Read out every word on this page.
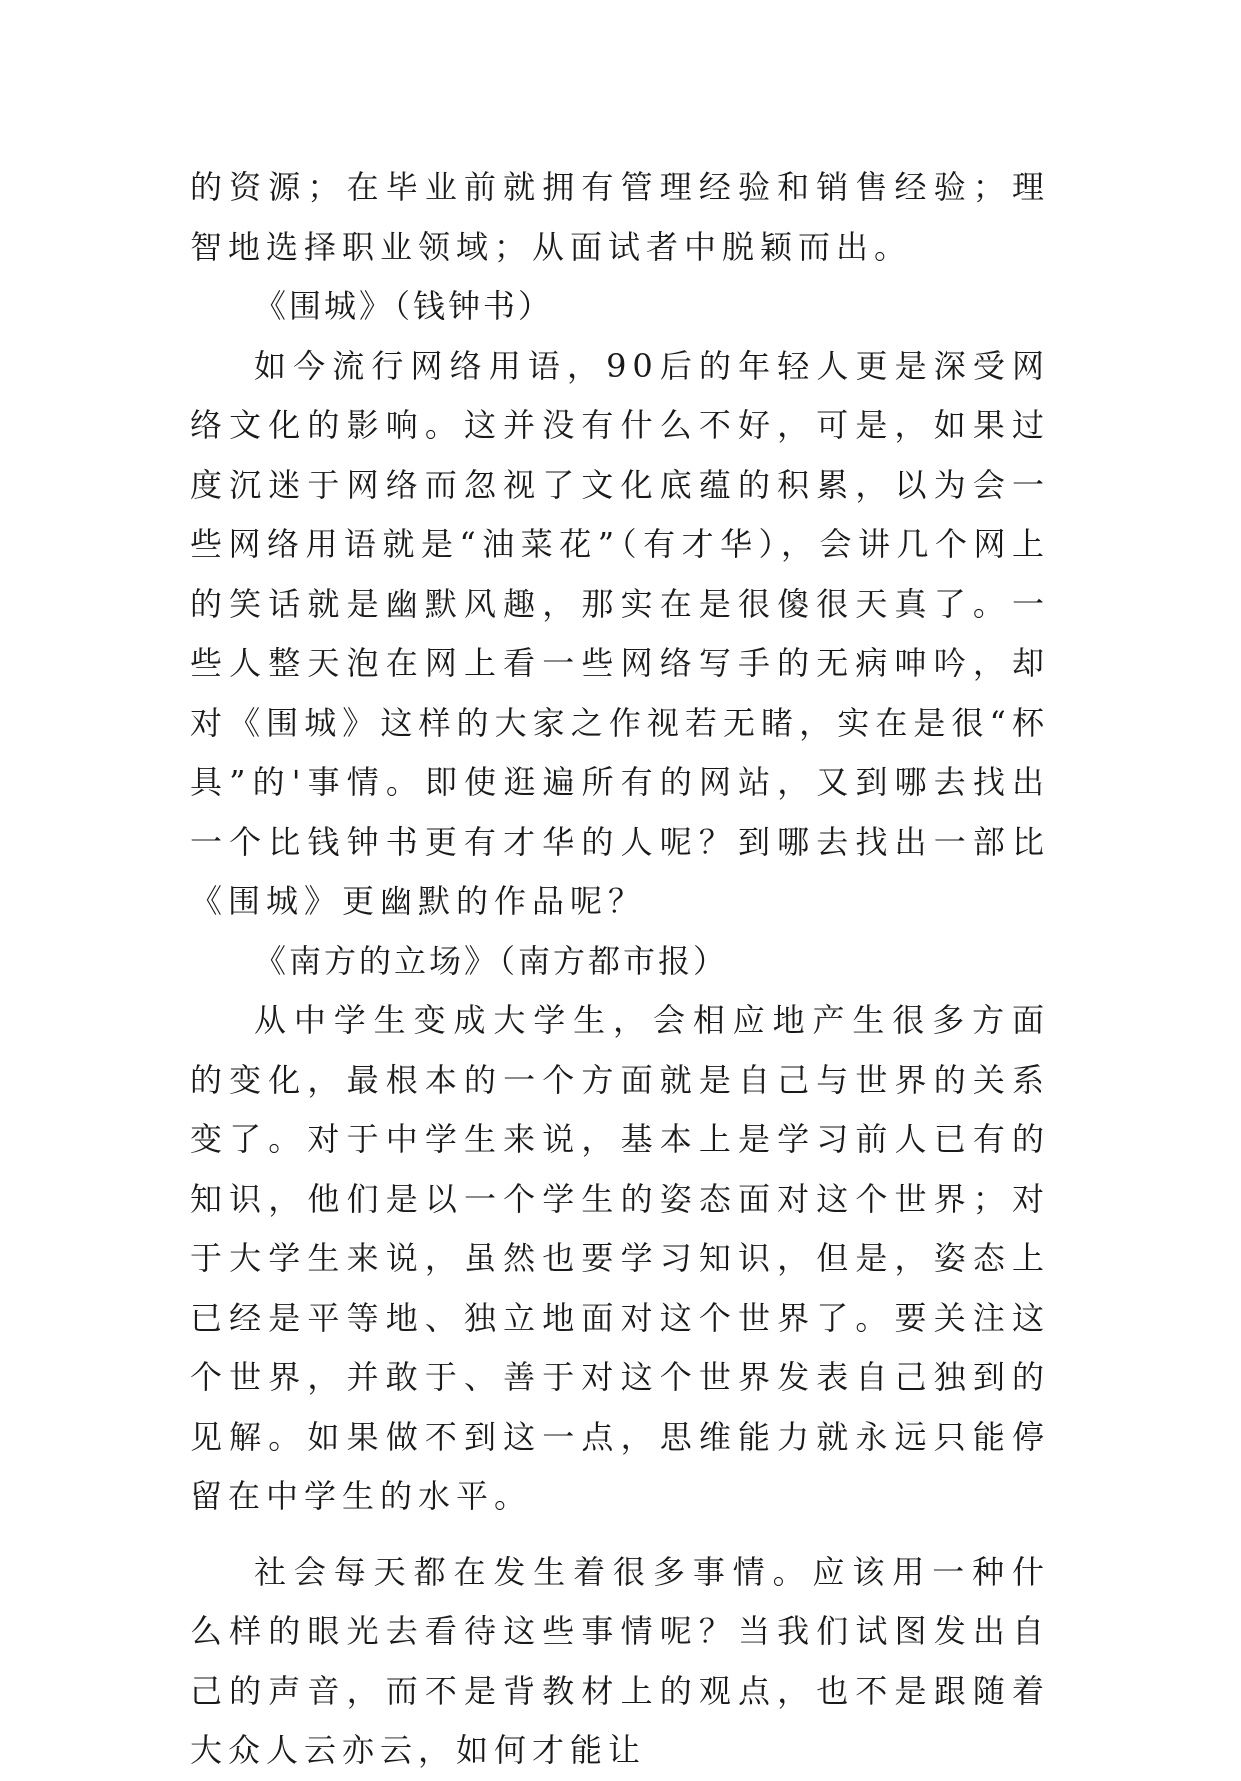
的资源；在毕业前就拥有管理经验和销售经验；理智地选择职业领域；从面试者中脱颖而出。

《围城》（钱钟书）

如今流行网络用语，90后的年轻人更是深受网络文化的影响。这并没有什么不好，可是，如果过度沉迷于网络而忽视了文化底蕴的积累，以为会一些网络用语就是“油菜花”（有才华），会讲几个网上的笑话就是幽默风趣，那实在是很傻很天真了。一些人整天泡在网上看一些网络写手的无病呻吟，却对《围城》这样的大家之作视若无睹，实在是很“杯具”的'事情。即使逛遍所有的网站，又到哪去找出一个比钱钟书更有才华的人呢？到哪去找出一部比《围城》更幽默的作品呢？

《南方的立场》（南方都市报）

从中学生变成大学生，会相应地产生很多方面的变化，最根本的一个方面就是自己与世界的关系变了。对于中学生来说，基本上是学习前人已有的知识，他们是以一个学生的姿态面对这个世界；对于大学生来说，虽然也要学习知识，但是，姿态上已经是平等地、独立地面对这个世界了。要关注这个世界，并敢于、善于对这个世界发表自己独到的见解。如果做不到这一点，思维能力就永远只能停留在中学生的水平。

社会每天都在发生着很多事情。应该用一种什么样的眼光去看待这些事情呢？当我们试图发出自己的声音，而不是背教材上的观点，也不是跟随着大众人云亦云，如何才能让
